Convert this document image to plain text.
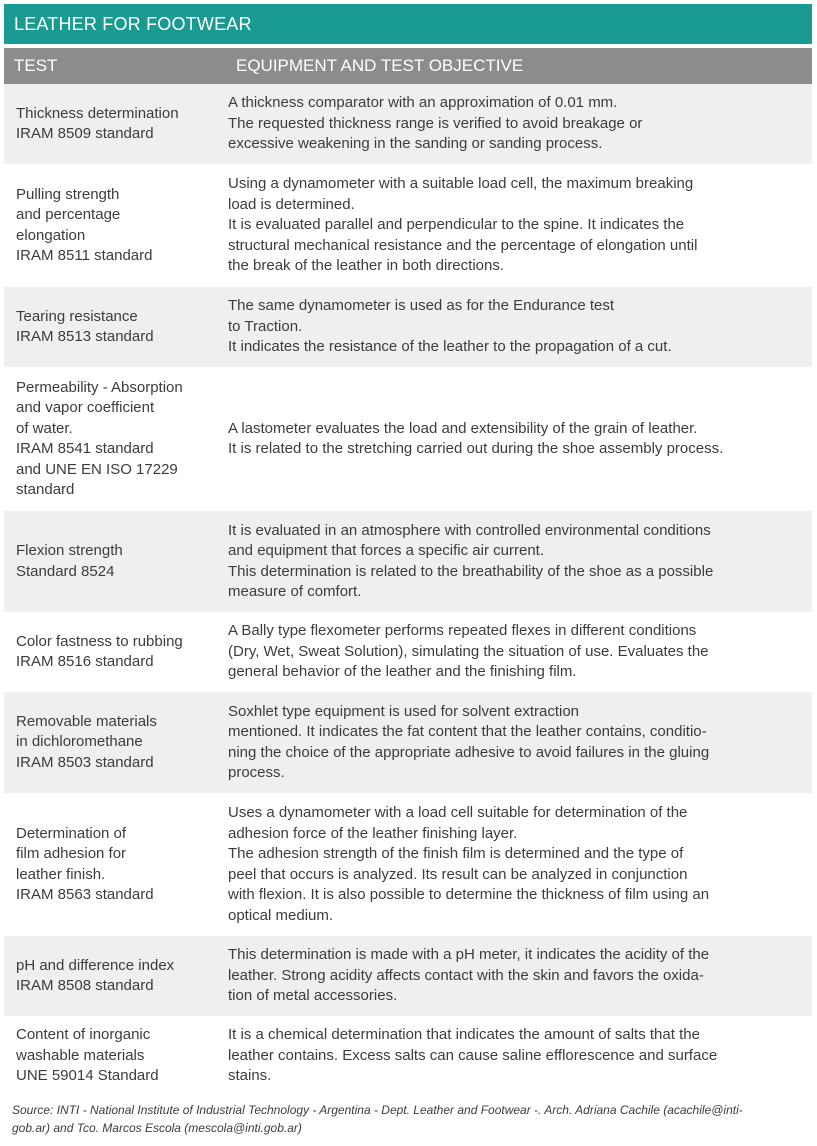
LEATHER FOR FOOTWEAR
TEST	EQUIPMENT AND TEST OBJECTIVE
Thickness determination
IRAM 8509 standard
A thickness comparator with an approximation of 0.01 mm.
The requested thickness range is verified to avoid breakage or
excessive weakening in the sanding or sanding process.
Pulling strength
and percentage
elongation
IRAM 8511 standard
Using a dynamometer with a suitable load cell, the maximum breaking
load is determined.
It is evaluated parallel and perpendicular to the spine. It indicates the
structural mechanical resistance and the percentage of elongation until
the break of the leather in both directions.
Tearing resistance
IRAM 8513 standard
The same dynamometer is used as for the Endurance test
to Traction.
It indicates the resistance of the leather to the propagation of a cut.
Permeability - Absorption
and vapor coefficient
of water.
IRAM 8541 standard
and UNE EN ISO 17229
standard
A lastometer evaluates the load and extensibility of the grain of leather.
It is related to the stretching carried out during the shoe assembly process.
Flexion strength
Standard 8524
It is evaluated in an atmosphere with controlled environmental conditions
and equipment that forces a specific air current.
This determination is related to the breathability of the shoe as a possible
measure of comfort.
Color fastness to rubbing
IRAM 8516 standard
A Bally type flexometer performs repeated flexes in different conditions
(Dry, Wet, Sweat Solution), simulating the situation of use. Evaluates the
general behavior of the leather and the finishing film.
Removable materials
in dichloromethane
IRAM 8503 standard
Soxhlet type equipment is used for solvent extraction
mentioned. It indicates the fat content that the leather contains, conditio-
ning the choice of the appropriate adhesive to avoid failures in the gluing
process.
Determination of
film adhesion for
leather finish.
IRAM 8563 standard
Uses a dynamometer with a load cell suitable for determination of the
adhesion force of the leather finishing layer.
The adhesion strength of the finish film is determined and the type of
peel that occurs is analyzed. Its result can be analyzed in conjunction
with flexion. It is also possible to determine the thickness of film using an
optical medium.
pH and difference index
IRAM 8508 standard
This determination is made with a pH meter, it indicates the acidity of the
leather. Strong acidity affects contact with the skin and favors the oxida-
tion of metal accessories.
Content of inorganic
washable materials
UNE 59014 Standard
It is a chemical determination that indicates the amount of salts that the
leather contains. Excess salts can cause saline efflorescence and surface
stains.
Source: INTI - National Institute of Industrial Technology - Argentina - Dept. Leather and Footwear -. Arch. Adriana Cachile (acachile@inti-
gob.ar) and Tco. Marcos Escola (mescola@inti.gob.ar)
